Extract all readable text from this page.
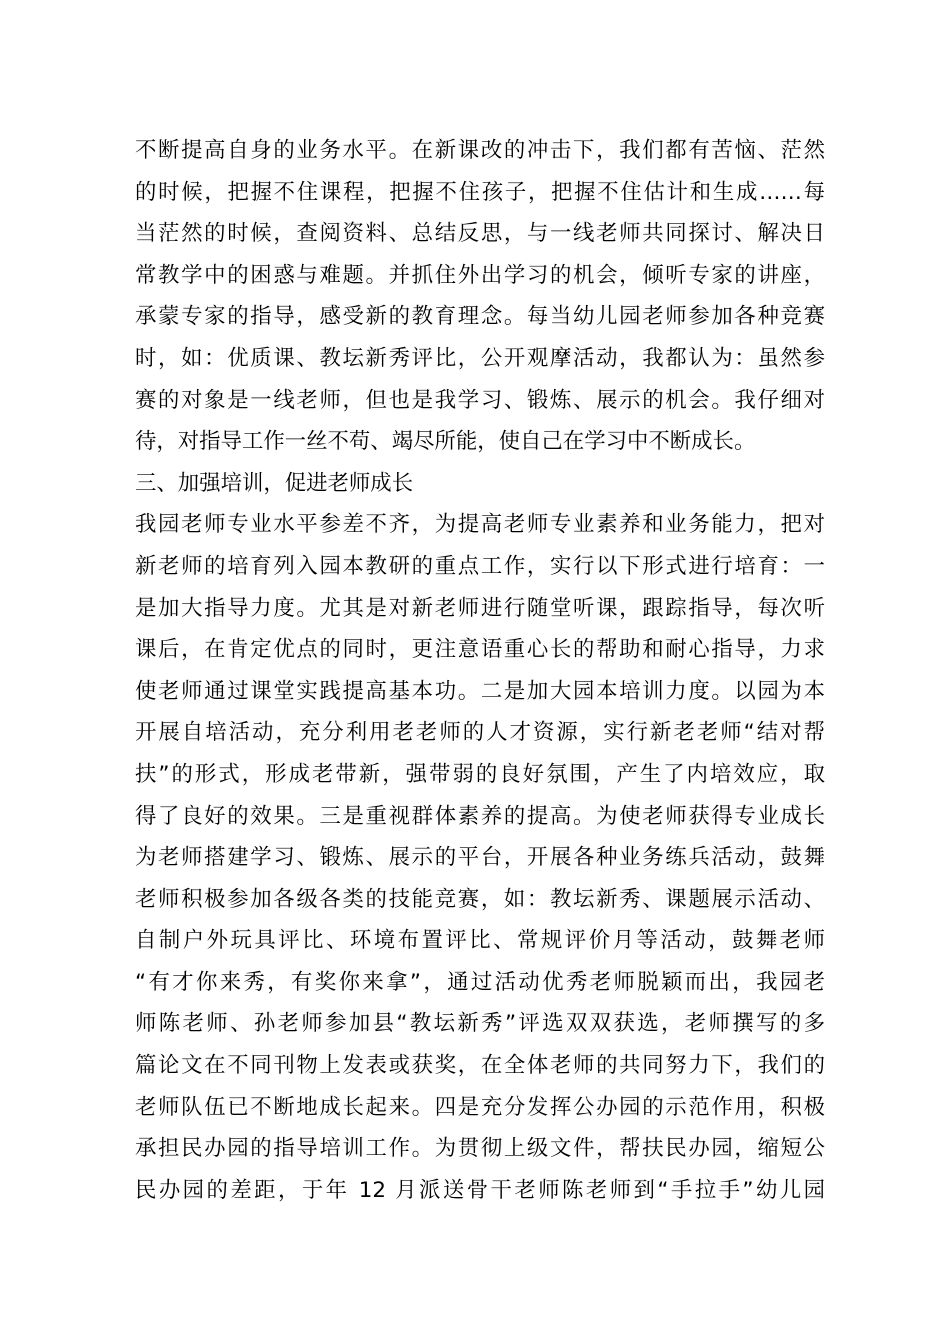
不断提高自身的业务水平。在新课改的冲击下，我们都有苦恼、茫然
的时候，把握不住课程，把握不住孩子，把握不住估计和生成……每
当茫然的时候，查阅资料、总结反思，与一线老师共同探讨、解决日
常教学中的困惑与难题。并抓住外出学习的机会，倾听专家的讲座，
承蒙专家的指导，感受新的教育理念。每当幼儿园老师参加各种竞赛
时，如：优质课、教坛新秀评比，公开观摩活动，我都认为：虽然参
赛的对象是一线老师，但也是我学习、锻炼、展示的机会。我仔细对
待，对指导工作一丝不苟、竭尽所能，使自己在学习中不断成长。
三、加强培训，促进老师成长
我园老师专业水平参差不齐，为提高老师专业素养和业务能力，把对
新老师的培育列入园本教研的重点工作，实行以下形式进行培育：一
是加大指导力度。尤其是对新老师进行随堂听课，跟踪指导，每次听
课后，在肯定优点的同时，更注意语重心长的帮助和耐心指导，力求
使老师通过课堂实践提高基本功。二是加大园本培训力度。以园为本
开展自培活动，充分利用老老师的人才资源，实行新老老师“结对帮
扶”的形式，形成老带新，强带弱的良好氛围，产生了内培效应，取
得了良好的效果。三是重视群体素养的提高。为使老师获得专业成长
为老师搭建学习、锻炼、展示的平台，开展各种业务练兵活动，鼓舞
老师积极参加各级各类的技能竞赛，如：教坛新秀、课题展示活动、
自制户外玩具评比、环境布置评比、常规评价月等活动，鼓舞老师
“有才你来秀，有奖你来拿”，通过活动优秀老师脱颖而出，我园老
师陈老师、孙老师参加县“教坛新秀”评选双双获选，老师撰写的多
篇论文在不同刊物上发表或获奖，在全体老师的共同努力下，我们的
老师队伍已不断地成长起来。四是充分发挥公办园的示范作用，积极
承担民办园的指导培训工作。为贯彻上级文件，帮扶民办园，缩短公
民办园的差距，于年 12 月派送骨干老师陈老师到“手拉手”幼儿园
